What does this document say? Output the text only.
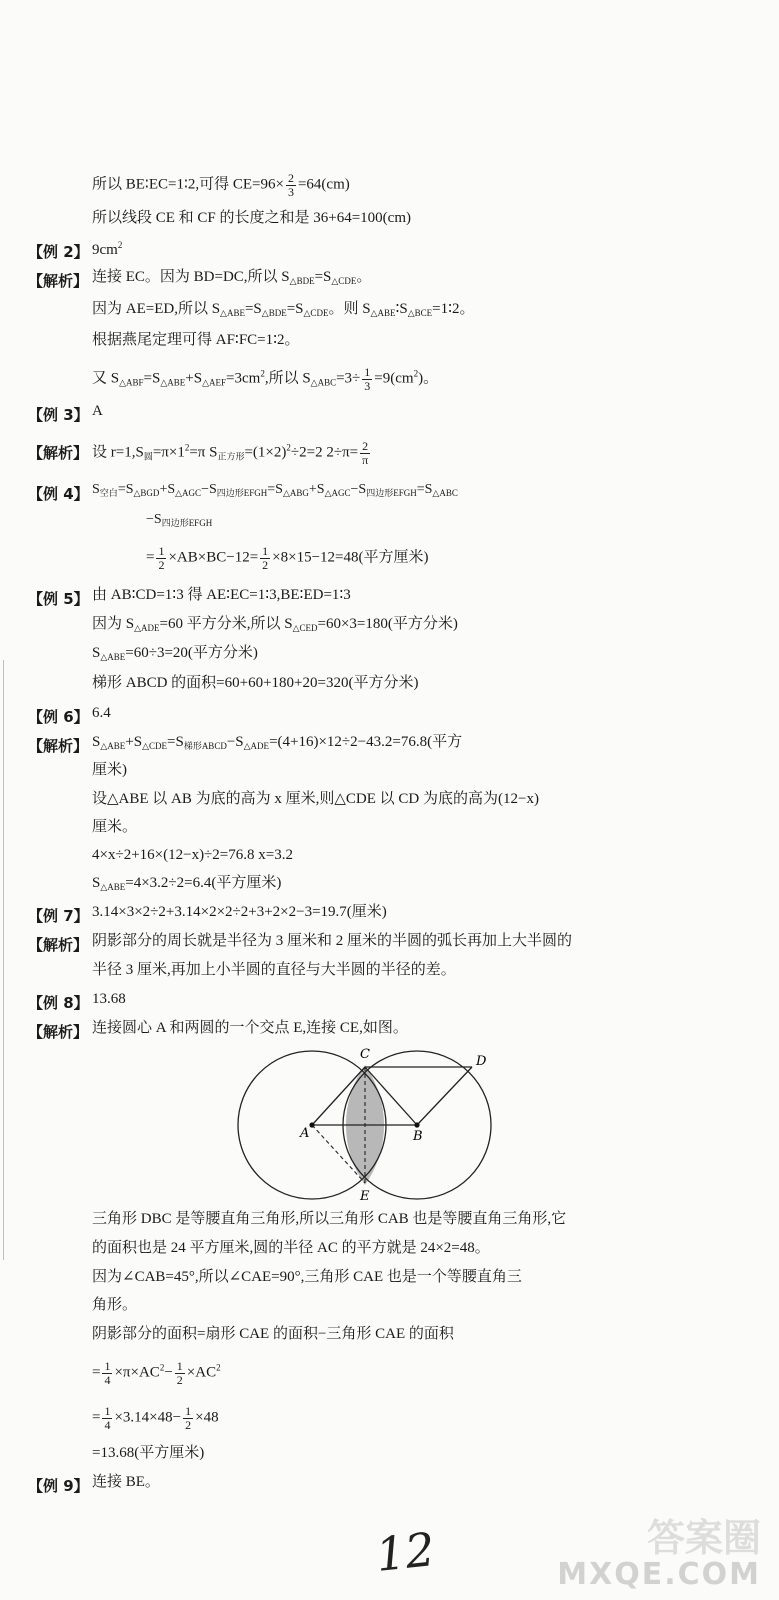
所以 BE∶EC=1∶2,可得 $CE=96\times \frac{2}{3} =64(cm)$
所以线段 CE 和 CF 的长度之和是 36+64=100(cm)
【例 2】 $9cm^2$
【解析】 连接 EC。因为 BD=DC,所以 $S_{\triangle BDE}=S_{\triangle CDE}$。
因为 AE=ED,所以 $S_{\triangle ABE}=S_{\triangle BDE}=S_{\triangle CDE}$。则 $S_{\triangle ABE}∶S_{\triangle BCE}=1∶2$。
根据燕尾定理可得 AF∶FC=1∶2。
又 $S_{\triangle ABF}=S_{\triangle ABE}+S_{\triangle AEF}=3cm^2$,所以 $S_{\triangle ABC}=3\div \frac{1}{3} =9(cm^2)$。
【例 3】 A
【解析】 设 $r=1,S_圆=\pi\times 1^2=\pi$ $S_{正方形}=(1\times 2)^2\div 2=2$ $2\div\pi= \frac{2}{\pi}$
【例 4】 $S_{空白}=S_{\triangle BGD}+S_{\triangle AGC}-S_{四边形EFGH}=S_{\triangle ABG}+S_{\triangle AGC}-S_{四边形EFGH}=S_{\triangle ABC}$
$-S_{四边形EFGH}$
= $\frac{1}{2} \times AB\times BC-12= \frac{1}{2} \times 8\times 15-12=48$(平方厘米)
【例 5】 由 AB∶CD=1∶3 得 AE∶EC=1∶3,BE∶ED=1∶3
因为 $S_{\triangle ADE}=60$ 平方分米,所以 $S_{\triangle CED}=60\times 3=180$(平方分米)
$S_{\triangle ABE}=60\div 3=20$(平方分米)
梯形 ABCD 的面积=60+60+180+20=320(平方分米)
【例 6】 6.4
【解析】 $S_{\triangle ABE}+S_{\triangle CDE}=S_{梯形ABCD}-S_{\triangle ADE}=(4+16)\times 12\div 2-43.2=76.8$(平方
厘米)
设△ABE 以 AB 为底的高为 x 厘米,则△CDE 以 CD 为底的高为(12−x)
厘米。
4×x÷2+16×(12−x)÷2=76.8 x=3.2
$S_{\triangle ABE}=4\times 3.2\div 2=6.4$(平方厘米)
【例 7】 3.14×3×2÷2+3.14×2×2÷2+3+2×2−3=19.7(厘米)
【解析】 阴影部分的周长就是半径为 3 厘米和 2 厘米的半圆的弧长再加上大半圆的
半径 3 厘米,再加上小半圆的直径与大半圆的半径的差。
【例 8】 13.68
【解析】 连接圆心 A 和两圆的一个交点 E,连接 CE,如图。
A	B
C	D
E
三角形 DBC 是等腰直角三角形,所以三角形 CAB 也是等腰直角三角形,它
的面积也是 24 平方厘米,圆的半径 AC 的平方就是 24×2=48。
因为∠CAB=45°,所以∠CAE=90°,三角形 CAE 也是一个等腰直角三
角形。
阴影部分的面积=扇形 CAE 的面积−三角形 CAE 的面积
= $\frac{1}{4} \times\pi\times AC^2- \frac{1}{2} \times AC^2$
= $\frac{1}{4} \times 3.14\times 48- \frac{1}{2} \times 48$
=13.68(平方厘米)
【例 9】 连接 BE。
12	答案圈
MXQE.COM
